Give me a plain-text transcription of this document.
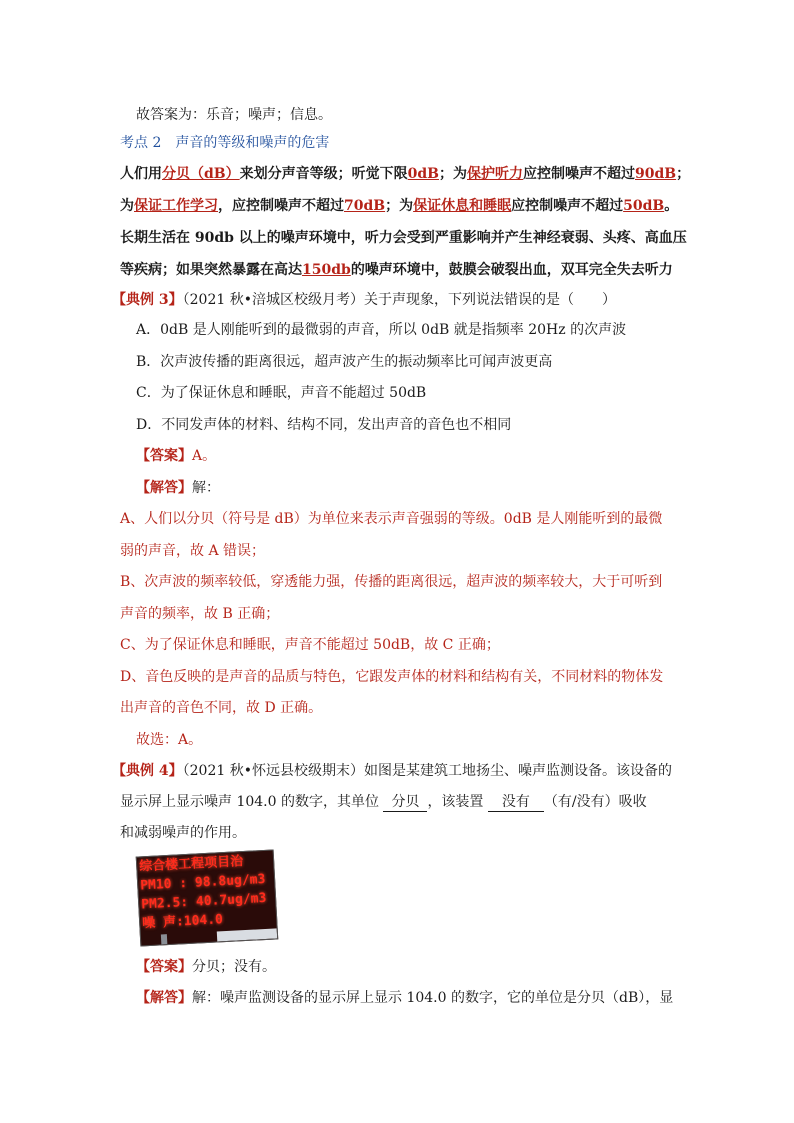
故答案为：乐音；噪声；信息。
考点 2　 声音的等级和噪声的危害
人们用分贝（dB）来划分声音等级；听觉下限0dB；为保护听力应控制噪声不超过90dB；
为保证工作学习，应控制噪声不超过70dB；为保证休息和睡眠应控制噪声不超过50dB。
长期生活在 90db 以上的噪声环境中，听力会受到严重影响并产生神经衰弱、头疼、高血压
等疾病；如果突然暴露在高达150db的噪声环境中，鼓膜会破裂出血，双耳完全失去听力
【典例 3】（2021 秋•涪城区校级月考）关于声现象，下列说法错误的是（　　）
A．0dB 是人刚能听到的最微弱的声音，所以 0dB 就是指频率 20Hz 的次声波
B．次声波传播的距离很远，超声波产生的振动频率比可闻声波更高
C．为了保证休息和睡眠，声音不能超过 50dB
D．不同发声体的材料、结构不同，发出声音的音色也不相同
【答案】A。
【解答】解：
A、人们以分贝（符号是 dB）为单位来表示声音强弱的等级。0dB 是人刚能听到的最微
弱的声音，故 A 错误；
B、次声波的频率较低，穿透能力强，传播的距离很远，超声波的频率较大，大于可听到
声音的频率，故 B 正确；
C、为了保证休息和睡眠，声音不能超过 50dB，故 C 正确；
D、音色反映的是声音的品质与特色，它跟发声体的材料和结构有关，不同材料的物体发
出声音的音色不同，故 D 正确。
故选：A。
【典例 4】（2021 秋•怀远县校级期末）如图是某建筑工地扬尘、噪声监测设备。该设备的
显示屏上显示噪声 104.0 的数字，其单位 分贝 ，该装置 没有 （有/没有）吸收
和减弱噪声的作用。
综合楼工程项目治
PM10 : 98.8ug/m3
PM2.5: 40.7ug/m3
噪 声:104.0
【答案】分贝；没有。
【解答】解：噪声监测设备的显示屏上显示 104.0 的数字，它的单位是分贝（dB），显
